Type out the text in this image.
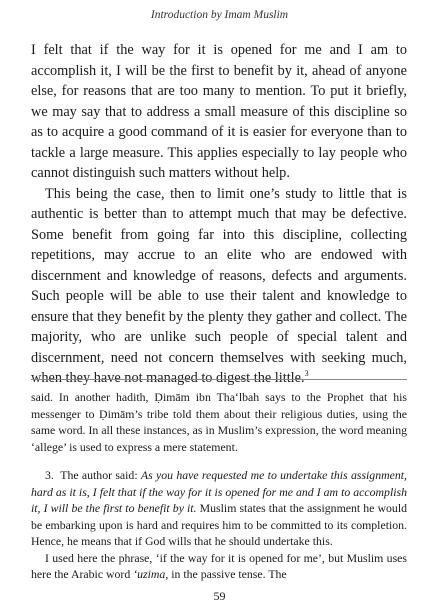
Introduction by Imam Muslim

I felt that if the way for it is opened for me and I am to accomplish it, I will be the first to benefit by it, ahead of anyone else, for reasons that are too many to mention. To put it briefly, we may say that to address a small measure of this discipline so as to acquire a good command of it is easier for everyone than to tackle a large measure. This applies especially to lay people who cannot distinguish such matters without help.

This being the case, then to limit one’s study to little that is authentic is better than to attempt much that may be defective. Some benefit from going far into this discipline, collecting repetitions, may accrue to an elite who are endowed with discernment and knowledge of reasons, defects and arguments. Such people will be able to use their talent and knowledge to ensure that they benefit by the plenty they gather and collect. The majority, who are unlike such people of special talent and discernment, need not concern themselves with seeking much, when they have not managed to digest the little.$^3$

said. In another hadith, Ḍimām ibn Tha‘lbah says to the Prophet that his messenger to Ḍimām’s tribe told them about their religious duties, using the same word. In all these instances, as in Muslim’s expression, the word meaning ‘allege’ is used to express a mere statement.

3. The author said: As you have requested me to undertake this assignment, hard as it is, I felt that if the way for it is opened for me and I am to accomplish it, I will be the first to benefit by it. Muslim states that the assignment he would be embarking upon is hard and requires him to be committed to its completion. Hence, he means that if God wills that he should undertake this.

I used here the phrase, ‘if the way for it is opened for me’, but Muslim uses here the Arabic word ‘uzima, in the passive tense. The

59
